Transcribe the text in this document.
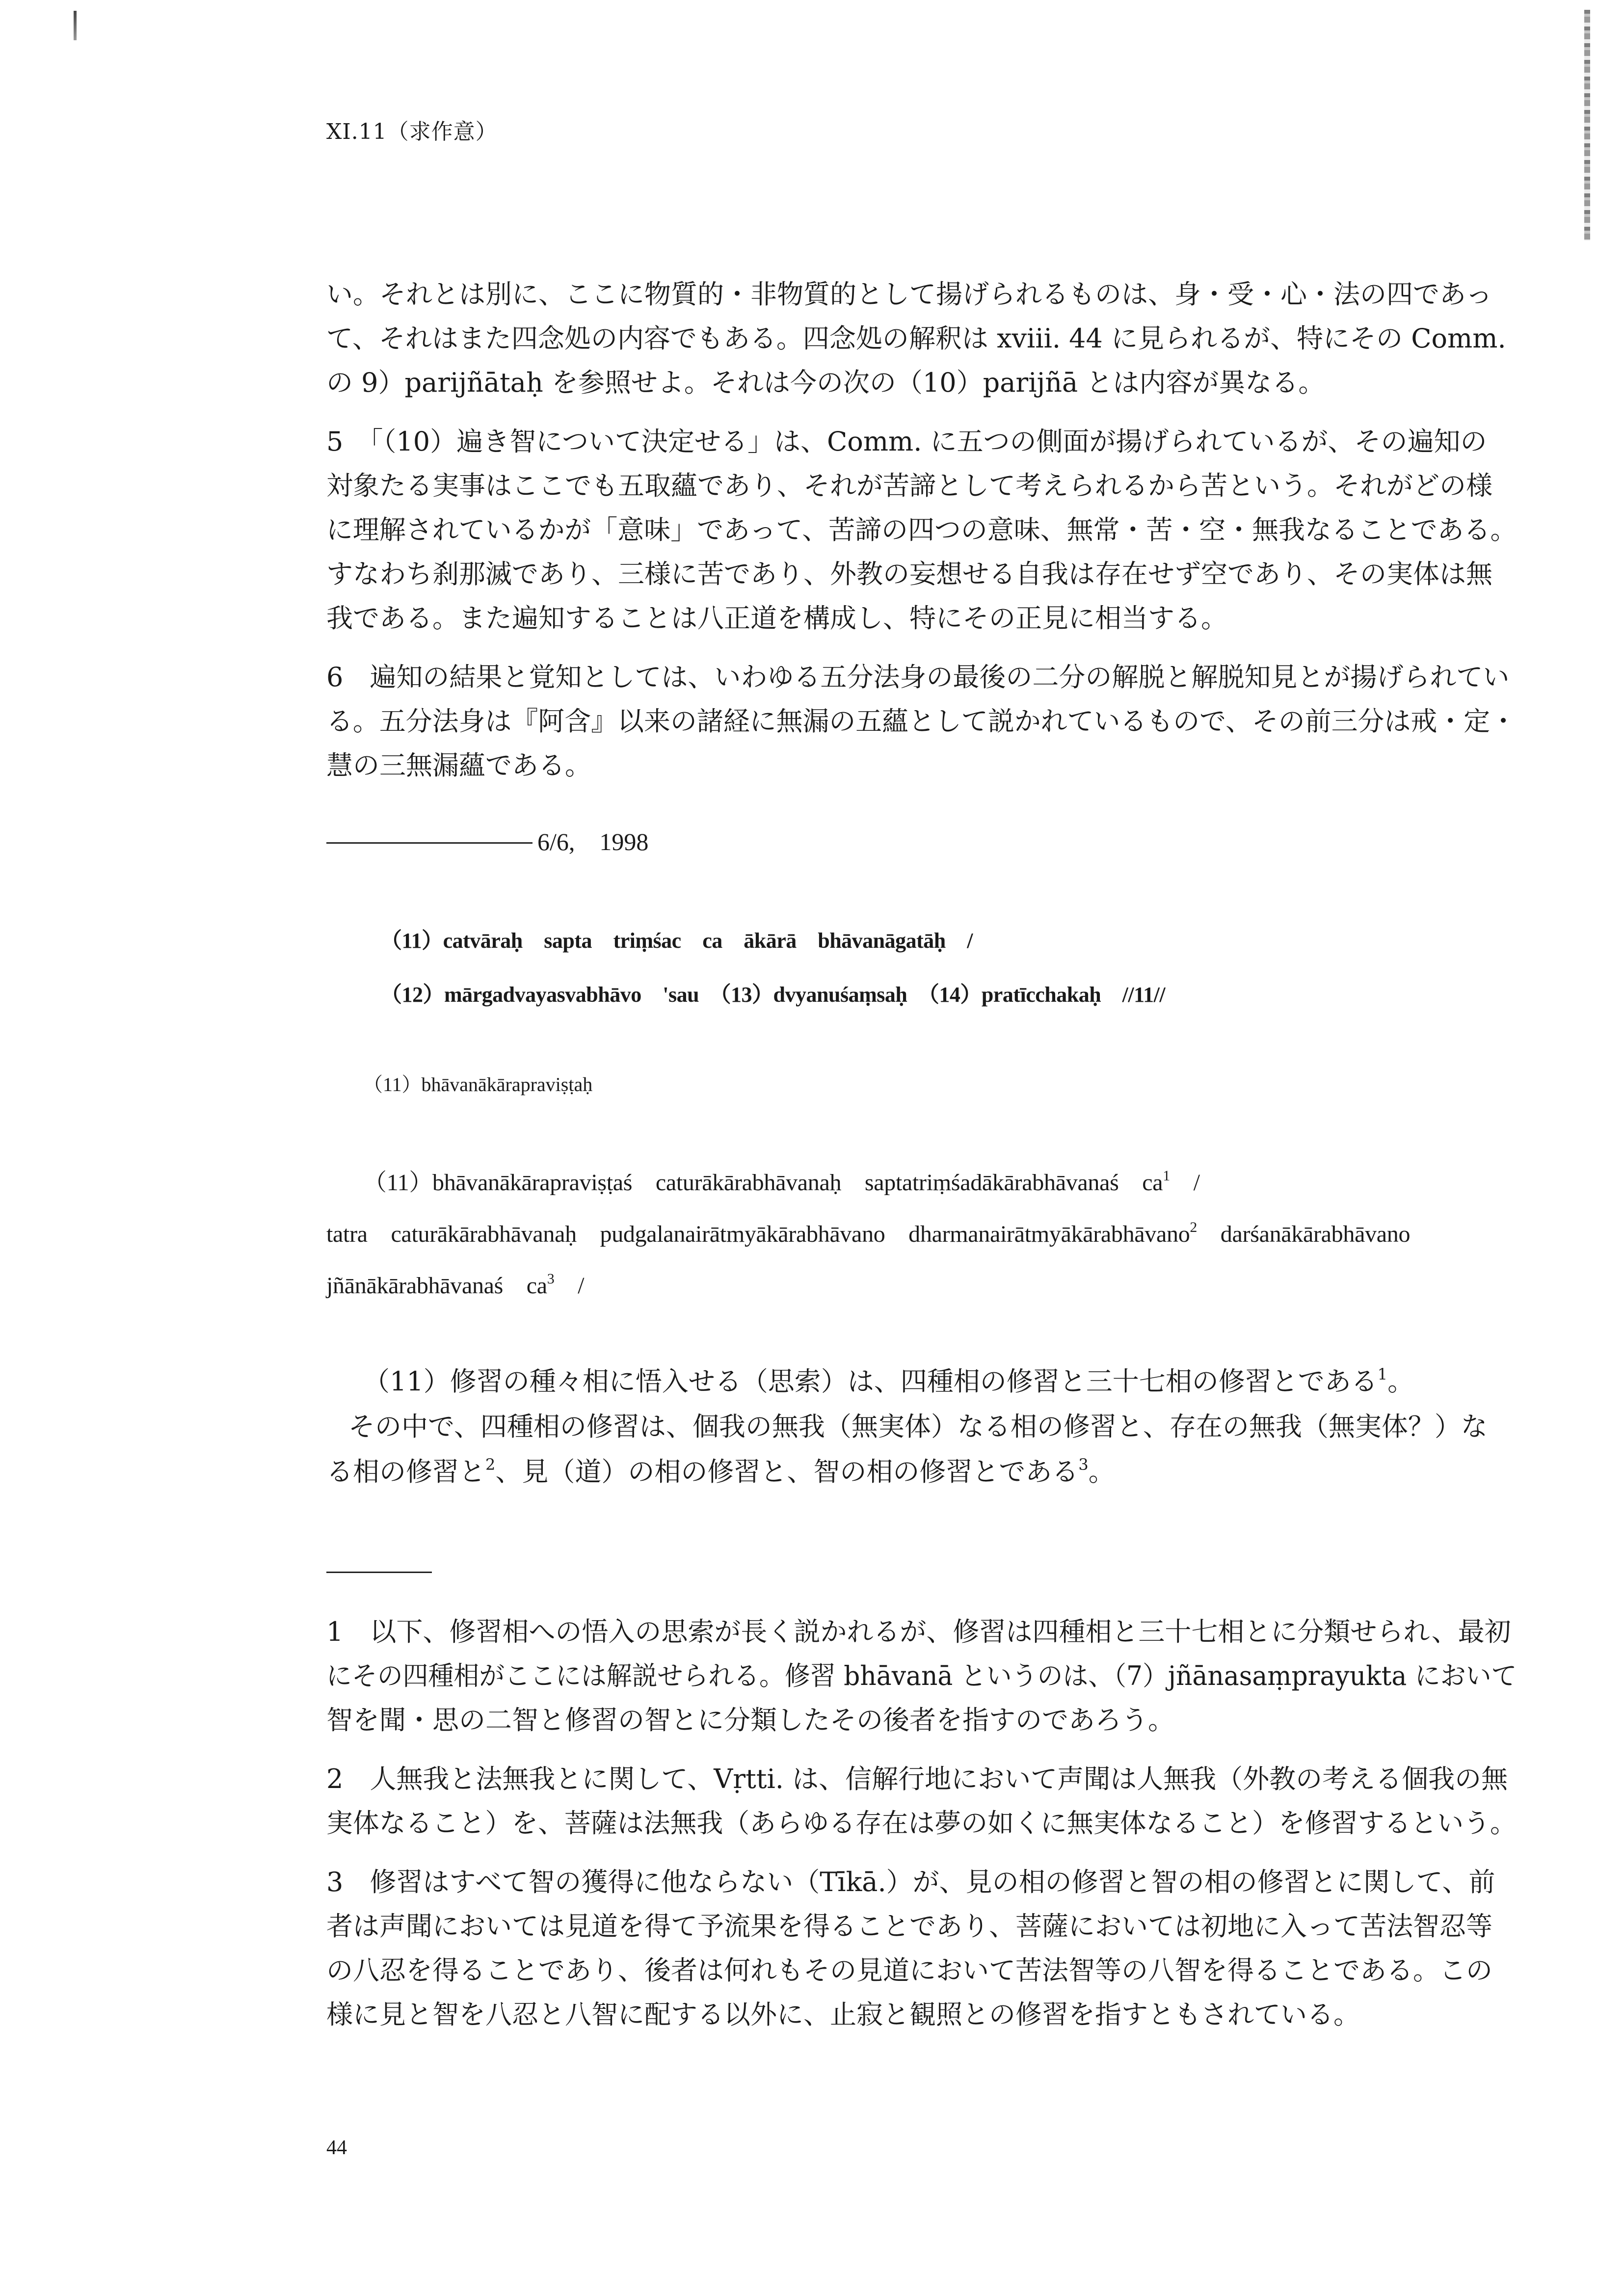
XI.11（求作意）
い。それとは別に、ここに物質的・非物質的として揚げられるものは、身・受・心・法の四であっ
て、それはまた四念処の内容でもある。四念処の解釈は xviii. 44 に見られるが、特にその Comm.
の 9）parijñātaḥ を参照せよ。それは今の次の（10）parijñā とは内容が異なる。
5　「（10）遍き智について決定せる」は、Comm. に五つの側面が揚げられているが、その遍知の
対象たる実事はここでも五取蘊であり、それが苦諦として考えられるから苦という。それがどの様
に理解されているかが「意味」であって、苦諦の四つの意味、無常・苦・空・無我なることである。
すなわち刹那滅であり、三様に苦であり、外教の妄想せる自我は存在せず空であり、その実体は無
我である。また遍知することは八正道を構成し、特にその正見に相当する。
6　遍知の結果と覚知としては、いわゆる五分法身の最後の二分の解脱と解脱知見とが揚げられてい
る。五分法身は『阿含』以来の諸経に無漏の五蘊として説かれているもので、その前三分は戒・定・
慧の三無漏蘊である。
6/6,　1998
（11）catvāraḥ　sapta　triṃśac　ca　ākārā　bhāvanāgatāḥ　/
（12）mārgadvayasvabhāvo　'sau　（13）dvyanuśaṃsaḥ　（14）pratīcchakaḥ　//11//
（11）bhāvanākārapraviṣṭaḥ
（11）bhāvanākārapraviṣṭaś　caturākārabhāvanaḥ　saptatriṃśadākārabhāvanaś　$ca^1$　/
tatra　caturākārabhāvanaḥ　pudgalanairātmyākārabhāvano　dharmanairātmyākārabhāvano$^2$　darśanākārabhāvano
jñānākārabhāvanaś　$ca^3$　/
（11）修習の種々相に悟入せる（思索）は、四種相の修習と三十七相の修習とである$^1$。
その中で、四種相の修習は、個我の無我（無実体）なる相の修習と、存在の無我（無実体？）な
る相の修習と$^2$、見（道）の相の修習と、智の相の修習とである$^3$。
1　以下、修習相への悟入の思索が長く説かれるが、修習は四種相と三十七相とに分類せられ、最初
にその四種相がここには解説せられる。修習 bhāvanā というのは、（7）jñānasaṃprayukta において
智を聞・思の二智と修習の智とに分類したその後者を指すのであろう。
2　人無我と法無我とに関して、Vṛtti. は、信解行地において声聞は人無我（外教の考える個我の無
実体なること）を、菩薩は法無我（あらゆる存在は夢の如くに無実体なること）を修習するという。
3　修習はすべて智の獲得に他ならない（Tīkā.）が、見の相の修習と智の相の修習とに関して、前
者は声聞においては見道を得て予流果を得ることであり、菩薩においては初地に入って苦法智忍等
の八忍を得ることであり、後者は何れもその見道において苦法智等の八智を得ることである。この
様に見と智を八忍と八智に配する以外に、止寂と観照との修習を指すともされている。
44
